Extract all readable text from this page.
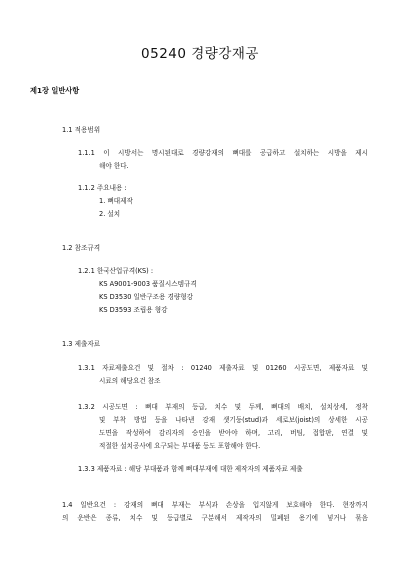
05240 경량강재공
제1장 일반사항
1.1 적용범위
1.1.1 이 시방서는 명시된대로 경량강재의 뼈대를 공급하고 설치하는 시방을 제시
해야 한다.
1.1.2 주요내용 :
1. 뼈대제작
2. 설치
1.2 참조규격
1.2.1 한국산업규격(KS) :
KS A9001-9003 품질시스템규격
KS D3530 일반구조용 경량형강
KS D3593 조립용 형강
1.3 제출자료
1.3.1 자료제출요건 및 절차 : 01240 제출자료 및 01260 시공도면, 제품자료 및
시료의 해당요건 참조
1.3.2 시공도면 : 뼈대 부재의 등급, 치수 및 두께, 뼈대의 배치, 설치상세, 정착
및 부착 방법 등을 나타낸 강재 샛기둥(stud)과 세로보(joist)의 상세한 시공
도면을 작성하여 감리자의 승인을 받아야 하며, 고리, 버팀, 접합판, 연결 및
적절한 설치공사에 요구되는 부대품 등도 포함해야 한다.
1.3.3 제품자료 : 해당 부대품과 함께 뼈대부재에 대한 제작자의 제품자료 제출
1.4 일반요건 : 강재의 뼈대 부재는 부식과 손상을 입지않게 보호해야 한다. 현장까지
의 운반은 종류, 치수 및 등급별로 구분해서 제작자의 밀폐된 용기에 넣거나 묶음
